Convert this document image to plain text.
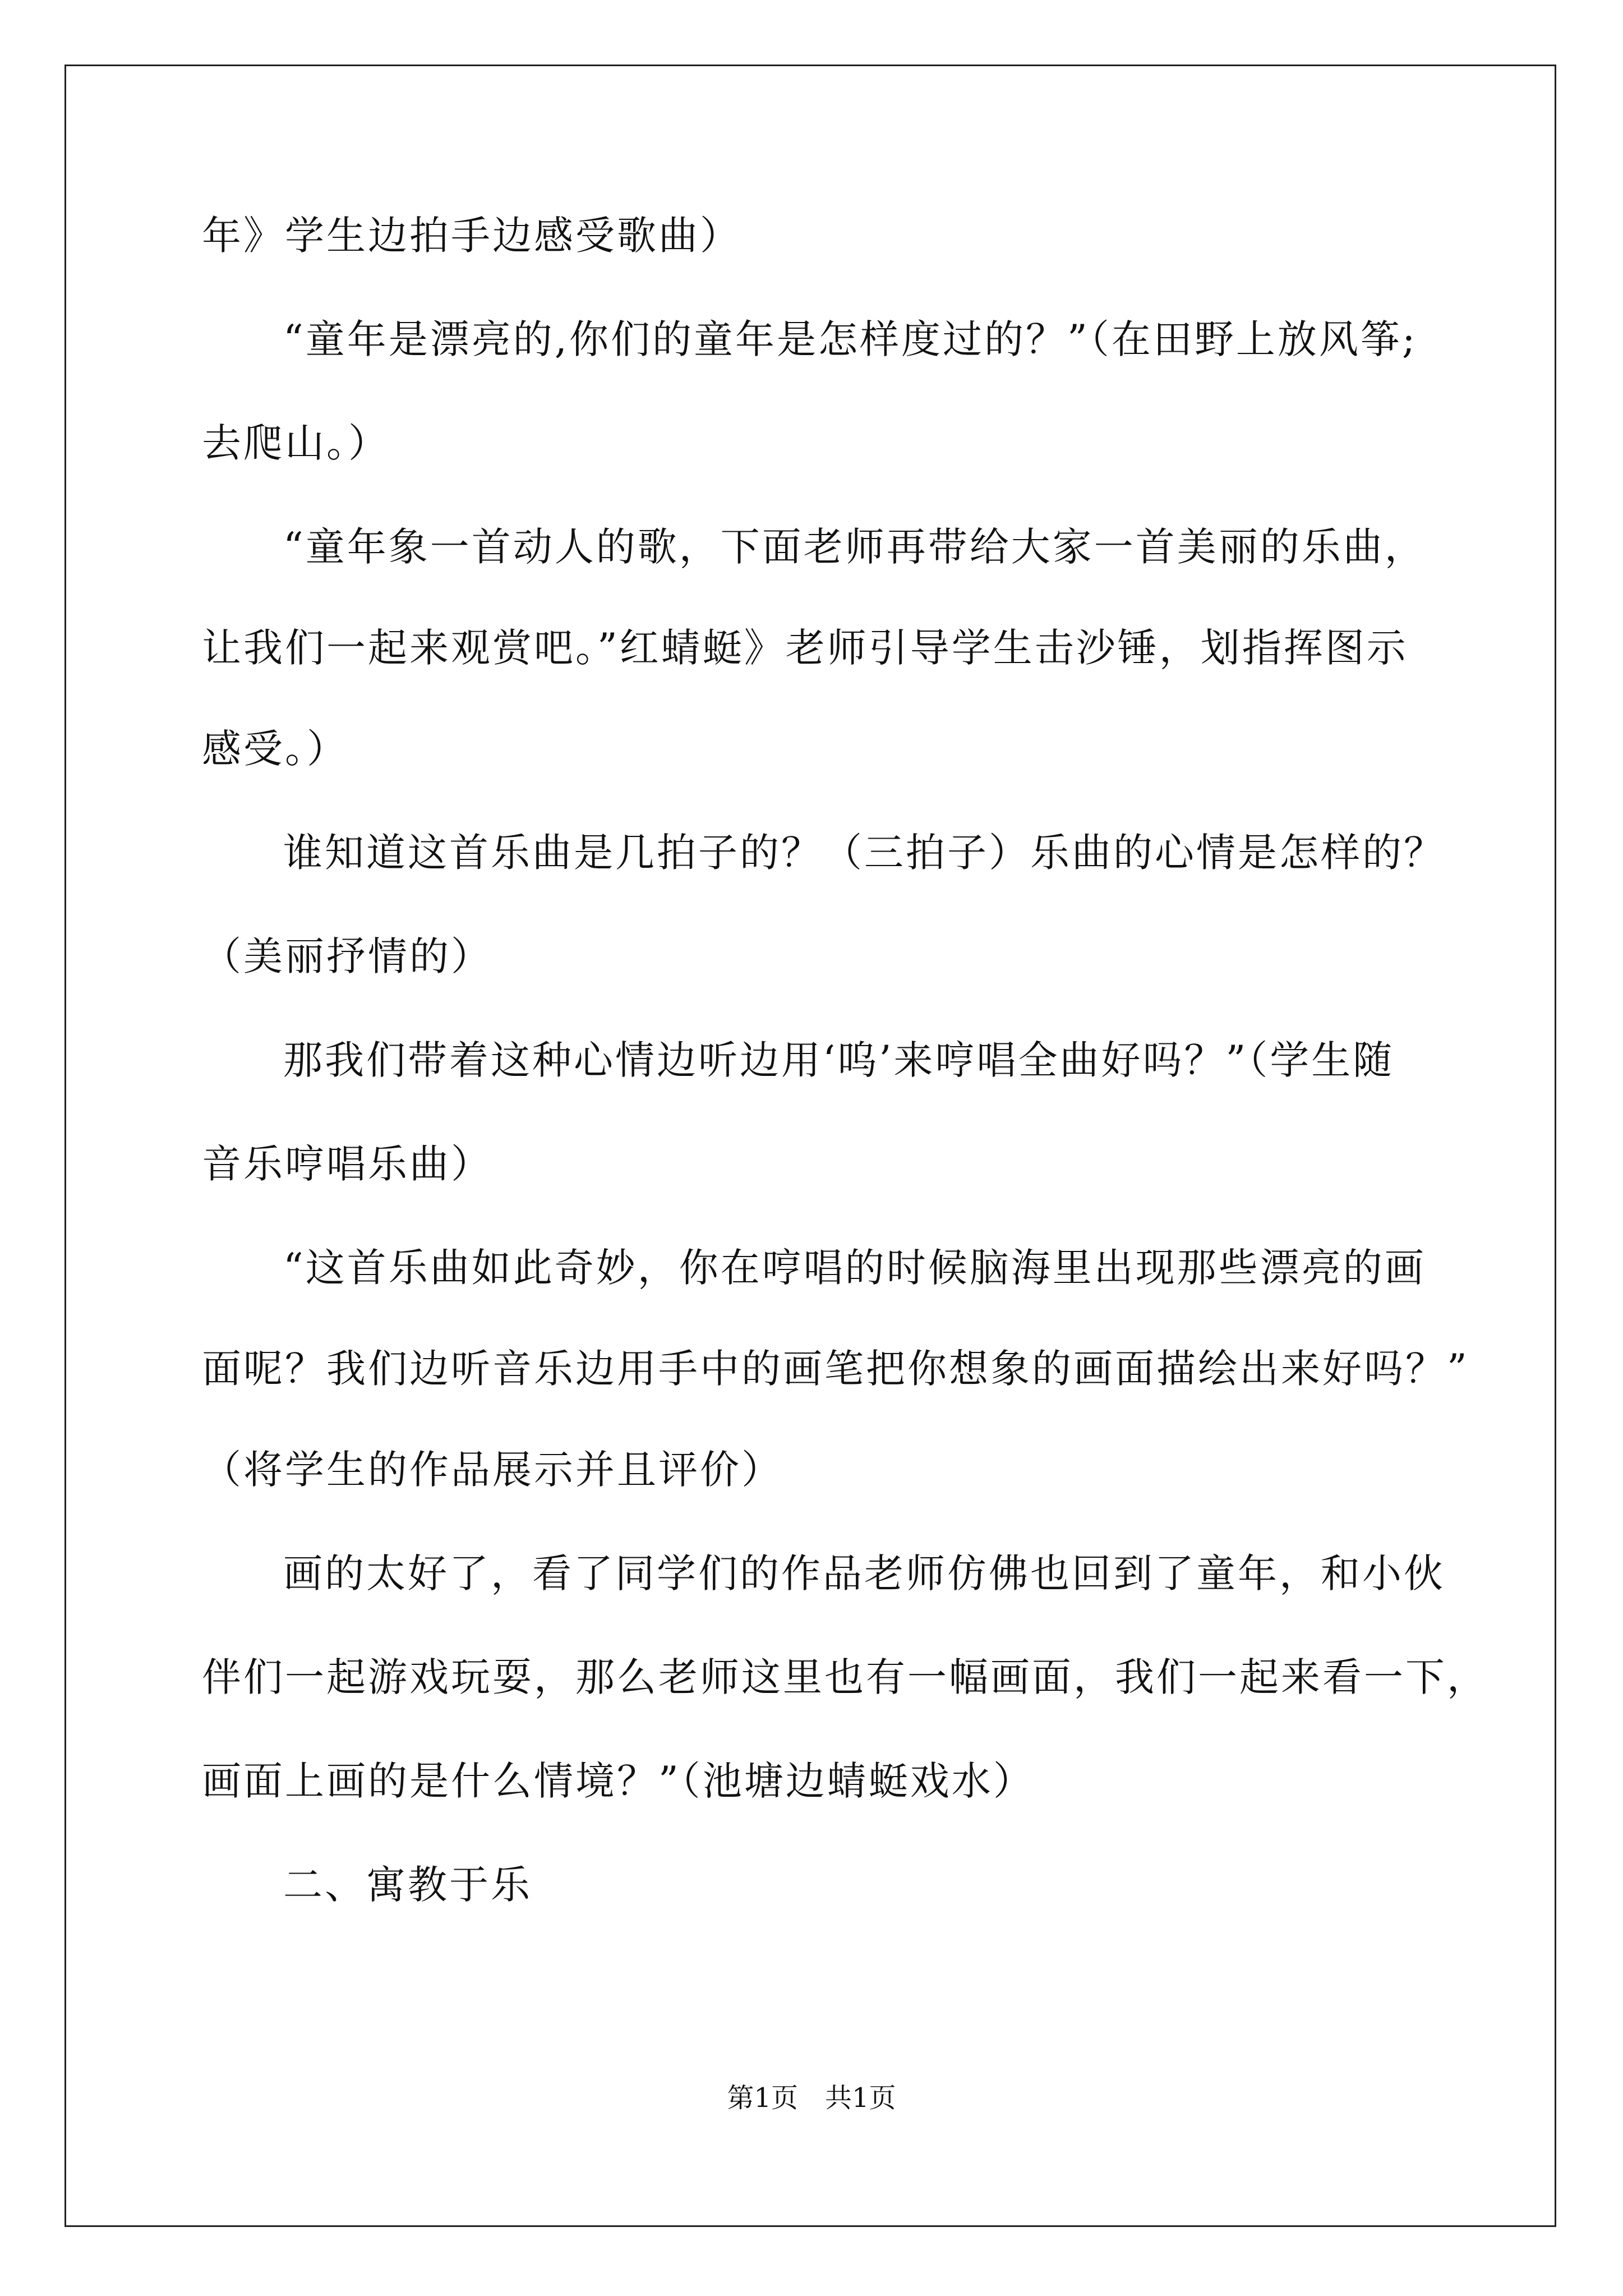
年》学生边拍手边感受歌曲）
“童年是漂亮的,你们的童年是怎样度过的？”（在田野上放风筝;
去爬山。）
“童年象一首动人的歌，下面老师再带给大家一首美丽的乐曲，
让我们一起来观赏吧。”红蜻蜓》老师引导学生击沙锤，划指挥图示
感受。）
谁知道这首乐曲是几拍子的？（三拍子）乐曲的心情是怎样的？
（美丽抒情的）
那我们带着这种心情边听边用‘呜’来哼唱全曲好吗？”（学生随
音乐哼唱乐曲）
“这首乐曲如此奇妙，你在哼唱的时候脑海里出现那些漂亮的画
面呢？我们边听音乐边用手中的画笔把你想象的画面描绘出来好吗？”
（将学生的作品展示并且评价）
画的太好了，看了同学们的作品老师仿佛也回到了童年，和小伙
伴们一起游戏玩耍，那么老师这里也有一幅画面，我们一起来看一下，
画面上画的是什么情境？”（池塘边蜻蜓戏水）
二、寓教于乐
第1页　共1页
